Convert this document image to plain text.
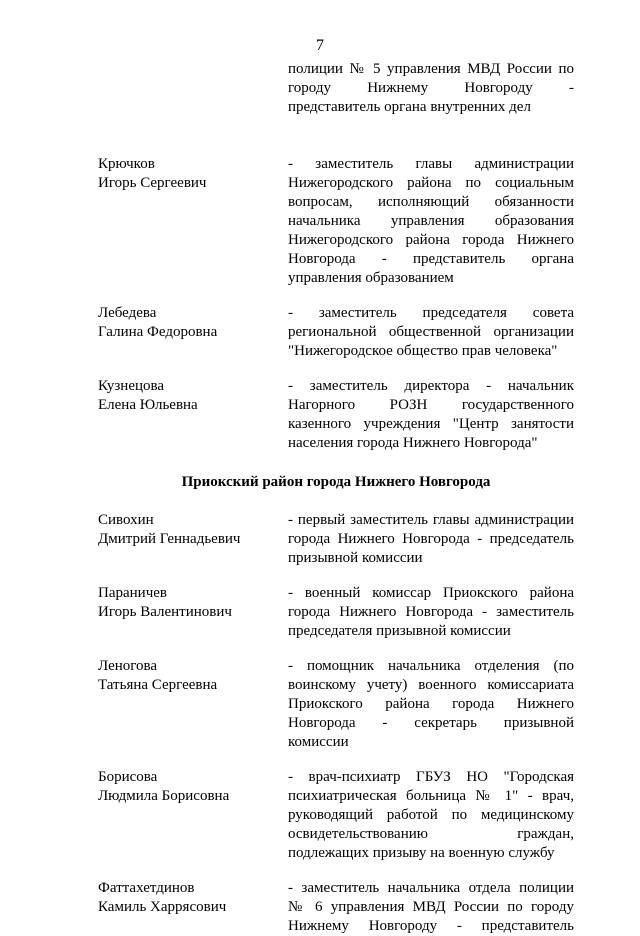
7
полиции № 5 управления МВД России по
городу Нижнему Новгороду -
представитель органа внутренних дел
Крючков
Игорь Сергеевич
- заместитель главы администрации
Нижегородского района по социальным
вопросам, исполняющий обязанности
начальника управления образования
Нижегородского района города Нижнего
Новгорода - представитель органа
управления образованием
Лебедева
Галина Федоровна
- заместитель председателя совета
региональной общественной организации
"Нижегородское общество прав человека"
Кузнецова
Елена Юльевна
- заместитель директора - начальник
Нагорного РОЗН государственного
казенного учреждения "Центр занятости
населения города Нижнего Новгорода"
Приокский район города Нижнего Новгорода
Сивохин
Дмитрий Геннадьевич
- первый заместитель главы администрации
города Нижнего Новгорода - председатель
призывной комиссии
Параничев
Игорь Валентинович
- военный комиссар Приокского района
города Нижнего Новгорода - заместитель
председателя призывной комиссии
Леногова
Татьяна Сергеевна
- помощник начальника отделения (по
воинскому учету) военного комиссариата
Приокского района города Нижнего
Новгорода - секретарь призывной
комиссии
Борисова
Людмила Борисовна
- врач-психиатр ГБУЗ НО "Городская
психиатрическая больница № 1" - врач,
руководящий работой по медицинскому
освидетельствованию граждан,
подлежащих призыву на военную службу
Фаттахетдинов
Камиль Харрясович
- заместитель начальника отдела полиции
№ 6 управления МВД России по городу
Нижнему Новгороду - представитель
